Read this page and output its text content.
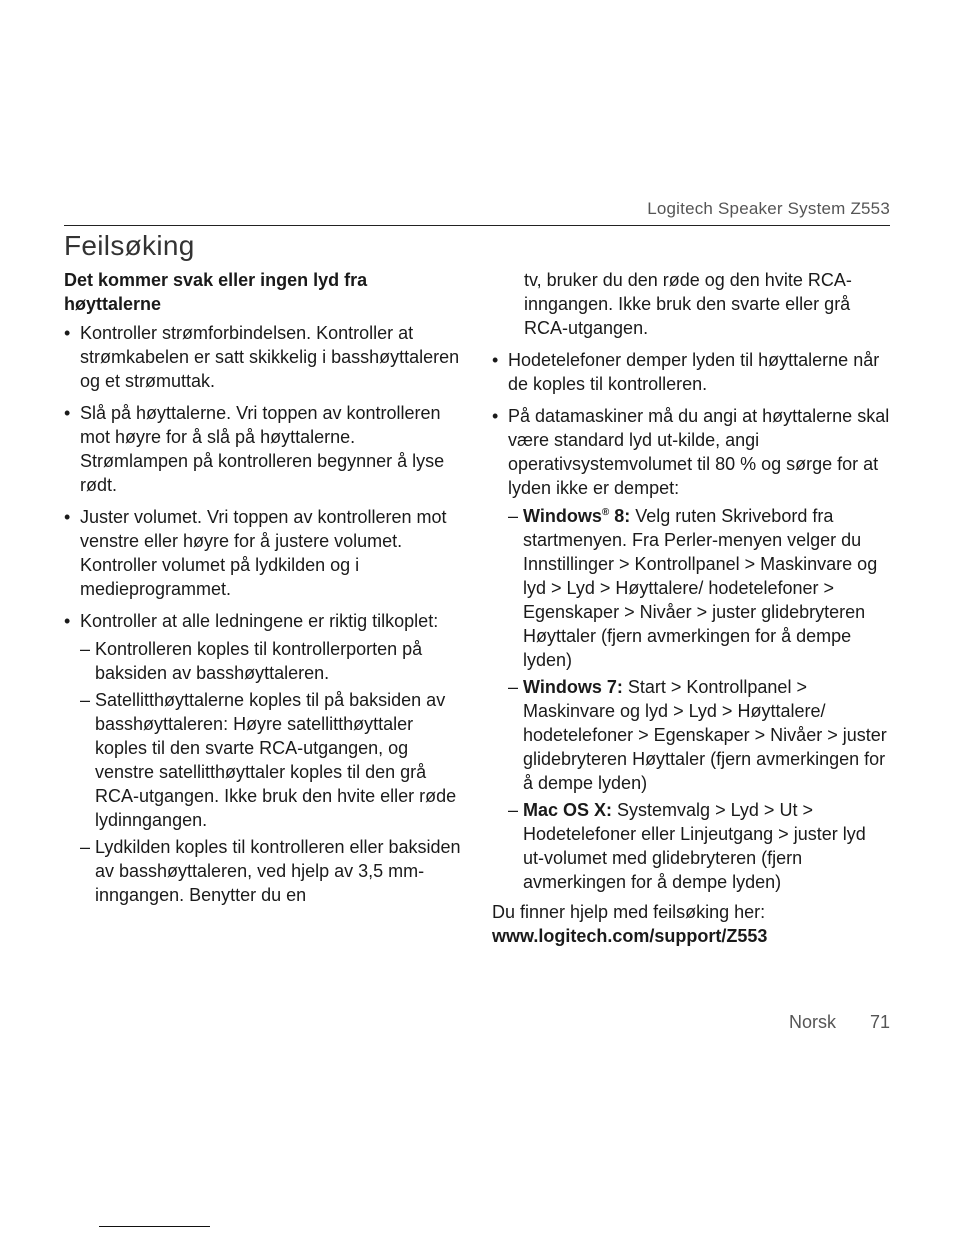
Logitech Speaker System Z553
Feilsøking
Det kommer svak eller ingen lyd fra høyttalerne
• Kontroller strømforbindelsen. Kontroller at strømkabelen er satt skikkelig i basshøyttaleren og et strømuttak.
• Slå på høyttalerne. Vri toppen av kontrolleren mot høyre for å slå på høyttalerne. Strømlampen på kontrolleren begynner å lyse rødt.
• Juster volumet. Vri toppen av kontrolleren mot venstre eller høyre for å justere volumet. Kontroller volumet på lydkilden og i medieprogrammet.
• Kontroller at alle ledningene er riktig tilkoplet:
– Kontrolleren koples til kontrollerporten på baksiden av basshøyttaleren.
– Satellitthøyttalerne koples til på baksiden av basshøyttaleren: Høyre satellitthøyttaler koples til den svarte RCA-utgangen, og venstre satellitthøyttaler koples til den grå RCA-utgangen. Ikke bruk den hvite eller røde lydinngangen.
– Lydkilden koples til kontrolleren eller baksiden av basshøyttaleren, ved hjelp av 3,5 mm-inngangen. Benytter du en
tv, bruker du den røde og den hvite RCA-inngangen. Ikke bruk den svarte eller grå RCA-utgangen.
• Hodetelefoner demper lyden til høyttalerne når de koples til kontrolleren.
• På datamaskiner må du angi at høyttalerne skal være standard lyd ut-kilde, angi operativsystemvolumet til 80 % og sørge for at lyden ikke er dempet:
– Windows® 8: Velg ruten Skrivebord fra startmenyen. Fra Perler-menyen velger du Innstillinger > Kontrollpanel > Maskinvare og lyd > Lyd > Høyttalere/ hodetelefoner > Egenskaper > Nivåer > juster glidebryteren Høyttaler (fjern avmerkingen for å dempe lyden)
– Windows 7: Start > Kontrollpanel > Maskinvare og lyd > Lyd > Høyttalere/ hodetelefoner > Egenskaper > Nivåer > juster glidebryteren Høyttaler (fjern avmerkingen for å dempe lyden)
– Mac OS X: Systemvalg > Lyd > Ut > Hodetelefoner eller Linjeutgang > juster lyd ut-volumet med glidebryteren (fjern avmerkingen for å dempe lyden)
Du finner hjelp med feilsøking her:
www.logitech.com/support/Z553
Norsk	71
